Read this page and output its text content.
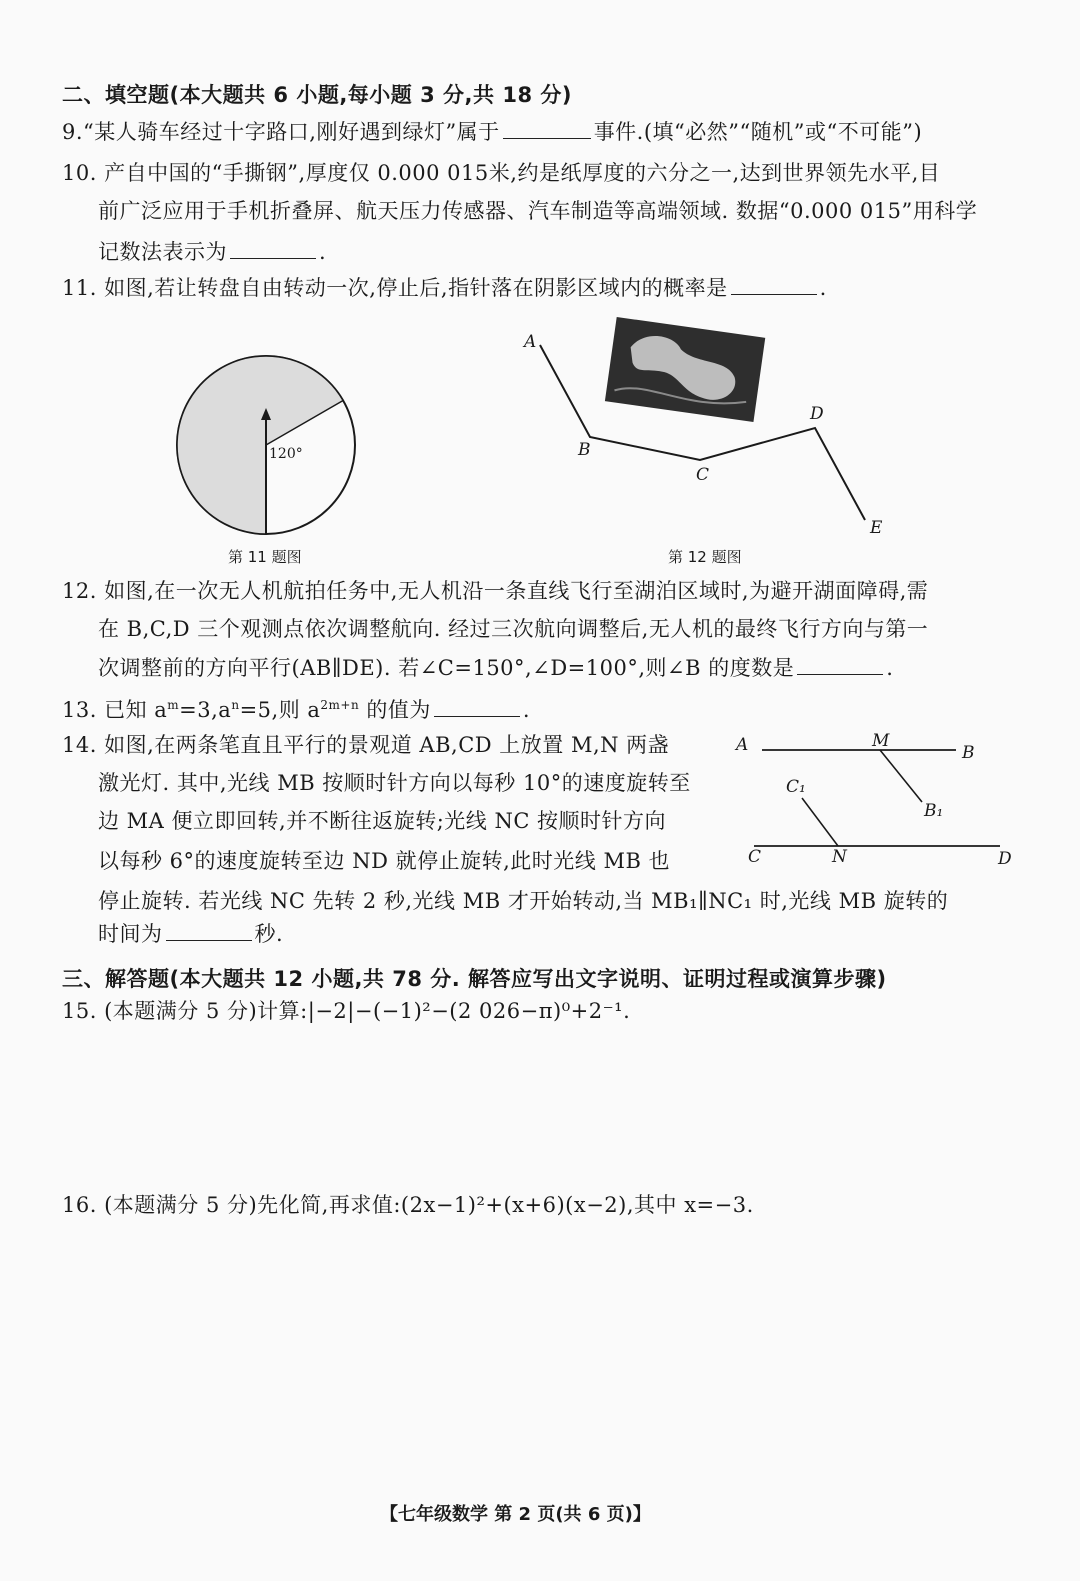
二、填空题(本大题共 6 小题,每小题 3 分,共 18 分)
9.“某人骑车经过十字路口,刚好遇到绿灯”属于	事件.(填“必然”“随机”或“不可能”)
10. 产自中国的“手撕钢”,厚度仅 0.000 015米,约是纸厚度的六分之一,达到世界领先水平,目
前广泛应用于手机折叠屏、航天压力传感器、汽车制造等高端领域. 数据“0.000 015”用科学
记数法表示为	.
11. 如图,若让转盘自由转动一次,停止后,指针落在阴影区域内的概率是	.
120°
第 11 题图
A
B
C
D
E
第 12 题图
12. 如图,在一次无人机航拍任务中,无人机沿一条直线飞行至湖泊区域时,为避开湖面障碍,需
在 B,C,D 三个观测点依次调整航向. 经过三次航向调整后,无人机的最终飞行方向与第一
次调整前的方向平行(AB∥DE). 若∠C=150°,∠D=100°,则∠B 的度数是	.
13. 已知 $a^m=3,a^n=5$,则 $a^{2m+n}$ 的值为	.
14. 如图,在两条笔直且平行的景观道 AB,CD 上放置 M,N 两盏
激光灯. 其中,光线 MB 按顺时针方向以每秒 10°的速度旋转至
边 MA 便立即回转,并不断往返旋转;光线 NC 按顺时针方向
以每秒 6°的速度旋转至边 ND 就停止旋转,此时光线 MB 也
停止旋转. 若光线 NC 先转 2 秒,光线 MB 才开始转动,当 MB₁∥NC₁ 时,光线 MB 旋转的
时间为	秒.
A	M
B
C₁
B₁
C	N	D
三、解答题(本大题共 12 小题,共 78 分. 解答应写出文字说明、证明过程或演算步骤)
15. (本题满分 5 分)计算:|−2|−(−1)²−(2 026−π)⁰+2⁻¹.
16. (本题满分 5 分)先化简,再求值:(2x−1)²+(x+6)(x−2),其中 x=−3.
【七年级数学 第 2 页(共 6 页)】
